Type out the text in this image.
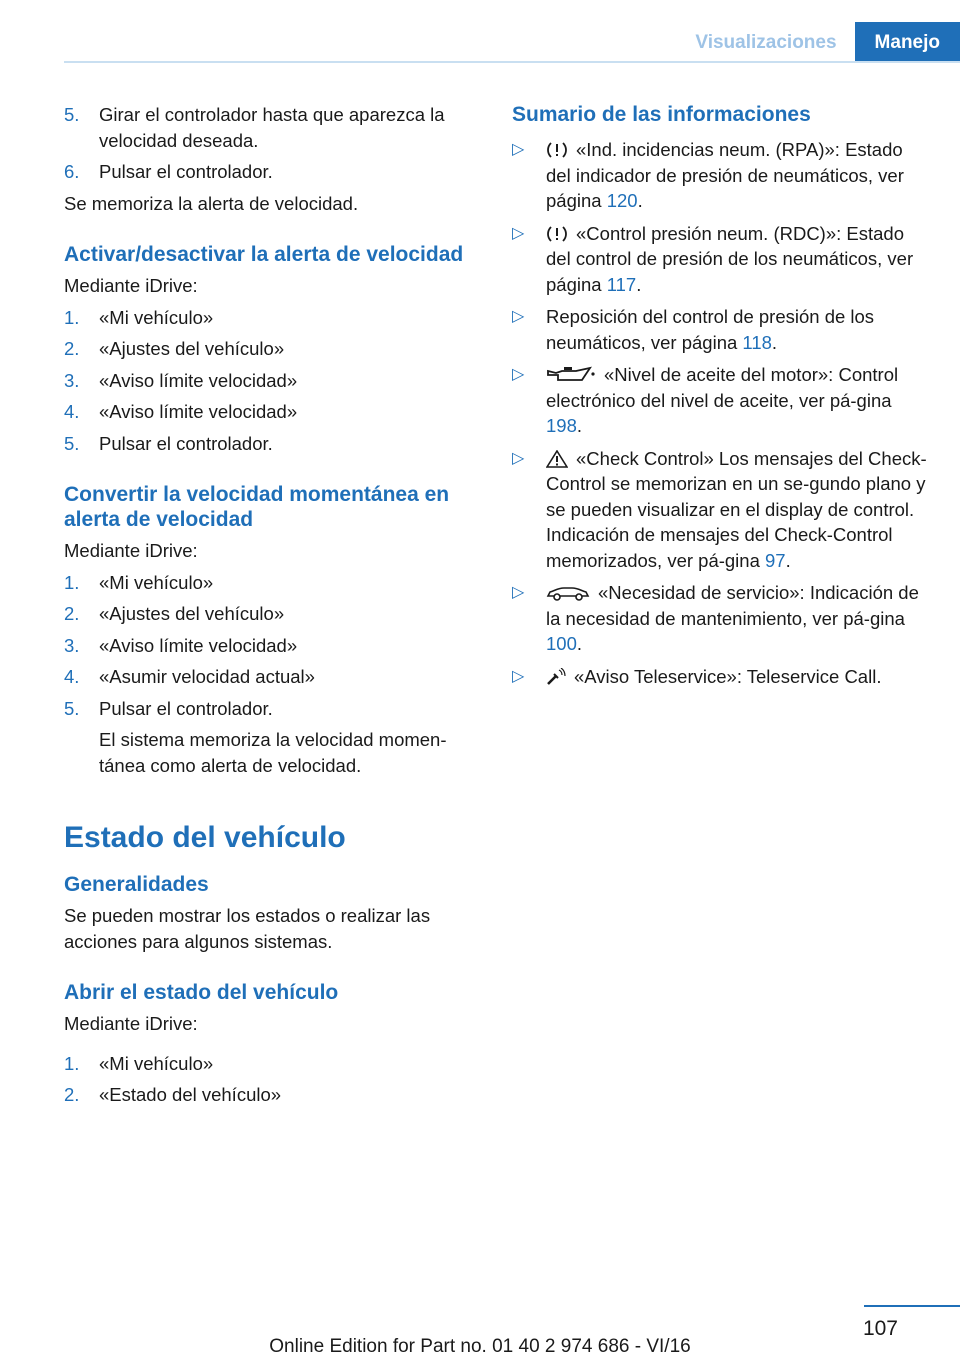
Visualizaciones	Manejo
5. Girar el controlador hasta que aparezca la velocidad deseada.
6. Pulsar el controlador.

Se memoriza la alerta de velocidad.

Activar/desactivar la alerta de velocidad

Mediante iDrive:

1. «Mi vehículo»
2. «Ajustes del vehículo»
3. «Aviso límite velocidad»
4. «Aviso límite velocidad»
5. Pulsar el controlador.
Convertir la velocidad momentánea en alerta de velocidad

Mediante iDrive:

1. «Mi vehículo»
2. «Ajustes del vehículo»
3. «Aviso límite velocidad»
4. «Asumir velocidad actual»
5. Pulsar el controlador.
El sistema memoriza la velocidad momen‐tánea como alerta de velocidad.
Estado del vehículo
Generalidades

Se pueden mostrar los estados o realizar las acciones para algunos sistemas.

Abrir el estado del vehículo

Mediante iDrive:

1. «Mi vehículo»
2. «Estado del vehículo»
Sumario de las informaciones
▷	«Ind. incidencias neum. (RPA)»: Estado del indicador de presión de neumáticos, ver página 120.
▷	«Control presión neum. (RDC)»: Estado del control de presión de los neumáticos, ver página 117.
▷ Reposición del control de presión de los neumáticos, ver página 118.
▷	«Nivel de aceite del motor»: Control electrónico del nivel de aceite, ver pá‐gina 198.
▷	«Check Control» Los mensajes del Check-Control se memorizan en un se‐gundo plano y se pueden visualizar en el display de control. Indicación de mensajes del Check-Control memorizados, ver pá‐gina 97.
▷	«Necesidad de servicio»: Indicación de la necesidad de mantenimiento, ver pá‐gina 100.
▷	«Aviso Teleservice»: Teleservice Call.
107
Online Edition for Part no. 01 40 2 974 686 - VI/16
